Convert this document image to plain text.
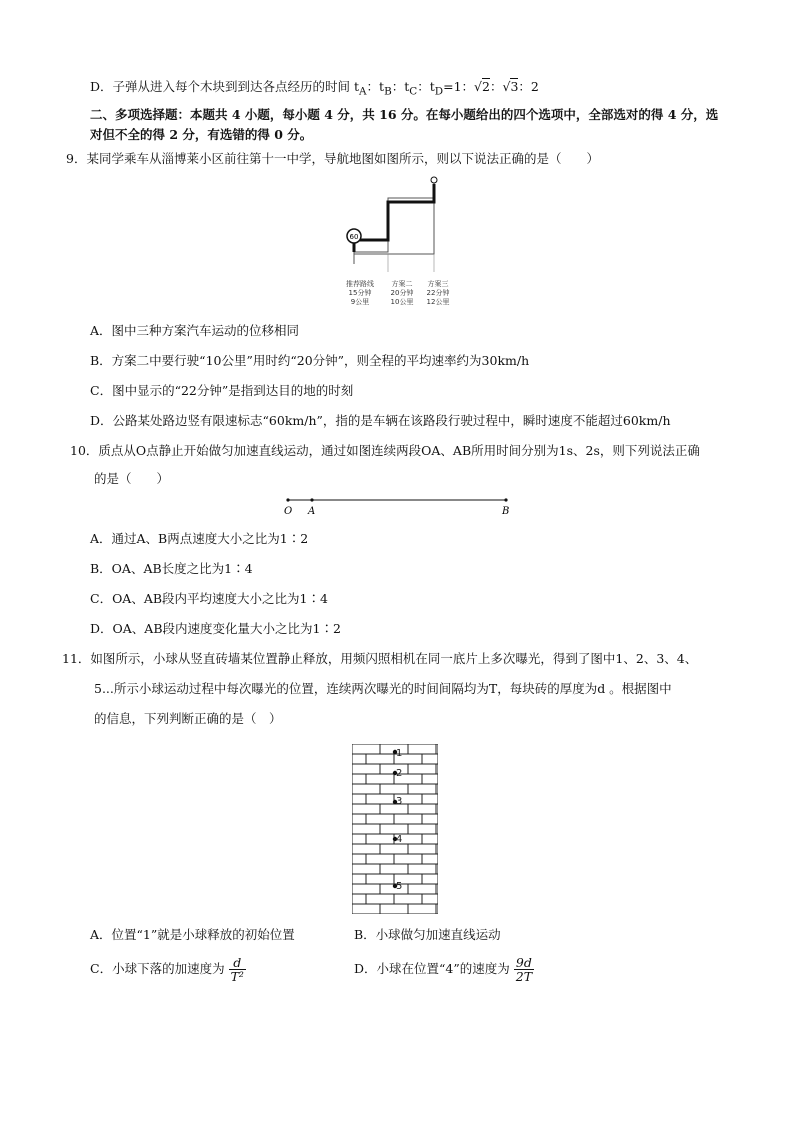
D．子弹从进入每个木块到到达各点经历的时间 $t_A$：$t_B$：$t_C$：$t_D=1$：√2：√3：2
二、多项选择题：本题共 4 小题，每小题 4 分，共 16 分。在每小题给出的四个选项中，全部选对的得 4 分，选
对但不全的得 2 分，有选错的得 0 分。
9．某同学乘车从淄博莱小区前往第十一中学，导航地图如图所示，则以下说法正确的是（　　）
60
推荐路线
15分钟
9公里
方案二
20分钟
10公里
方案三
22分钟
12公里
A．图中三种方案汽车运动的位移相同
B．方案二中要行驶“10公里”用时约“20分钟”，则全程的平均速率约为30km/h
C．图中显示的“22分钟”是指到达目的地的时刻
D．公路某处路边竖有限速标志“60km/h”，指的是车辆在该路段行驶过程中，瞬时速度不能超过60km/h
10．质点从O点静止开始做匀加速直线运动，通过如图连续两段OA、AB所用时间分别为1s、2s，则下列说法正确
的是（　　）
O A	B
A．通过A、B两点速度大小之比为1∶2
B．OA、AB长度之比为1∶4
C．OA、AB段内平均速度大小之比为1∶4
D．OA、AB段内速度变化量大小之比为1∶2
11．如图所示，小球从竖直砖墙某位置静止释放，用频闪照相机在同一底片上多次曝光，得到了图中1、2、3、4、
5...所示小球运动过程中每次曝光的位置，连续两次曝光的时间间隔均为T，每块砖的厚度为d 。根据图中
的信息，下列判断正确的是（　）
1
2
3
4
5
A．位置“1”就是小球释放的初始位置	B．小球做匀加速直线运动
C．小球下落的加速度为 $\frac{d}{\text{T²}}$	D．小球在位置“4”的速度为 $\frac{9d}{2T}$
